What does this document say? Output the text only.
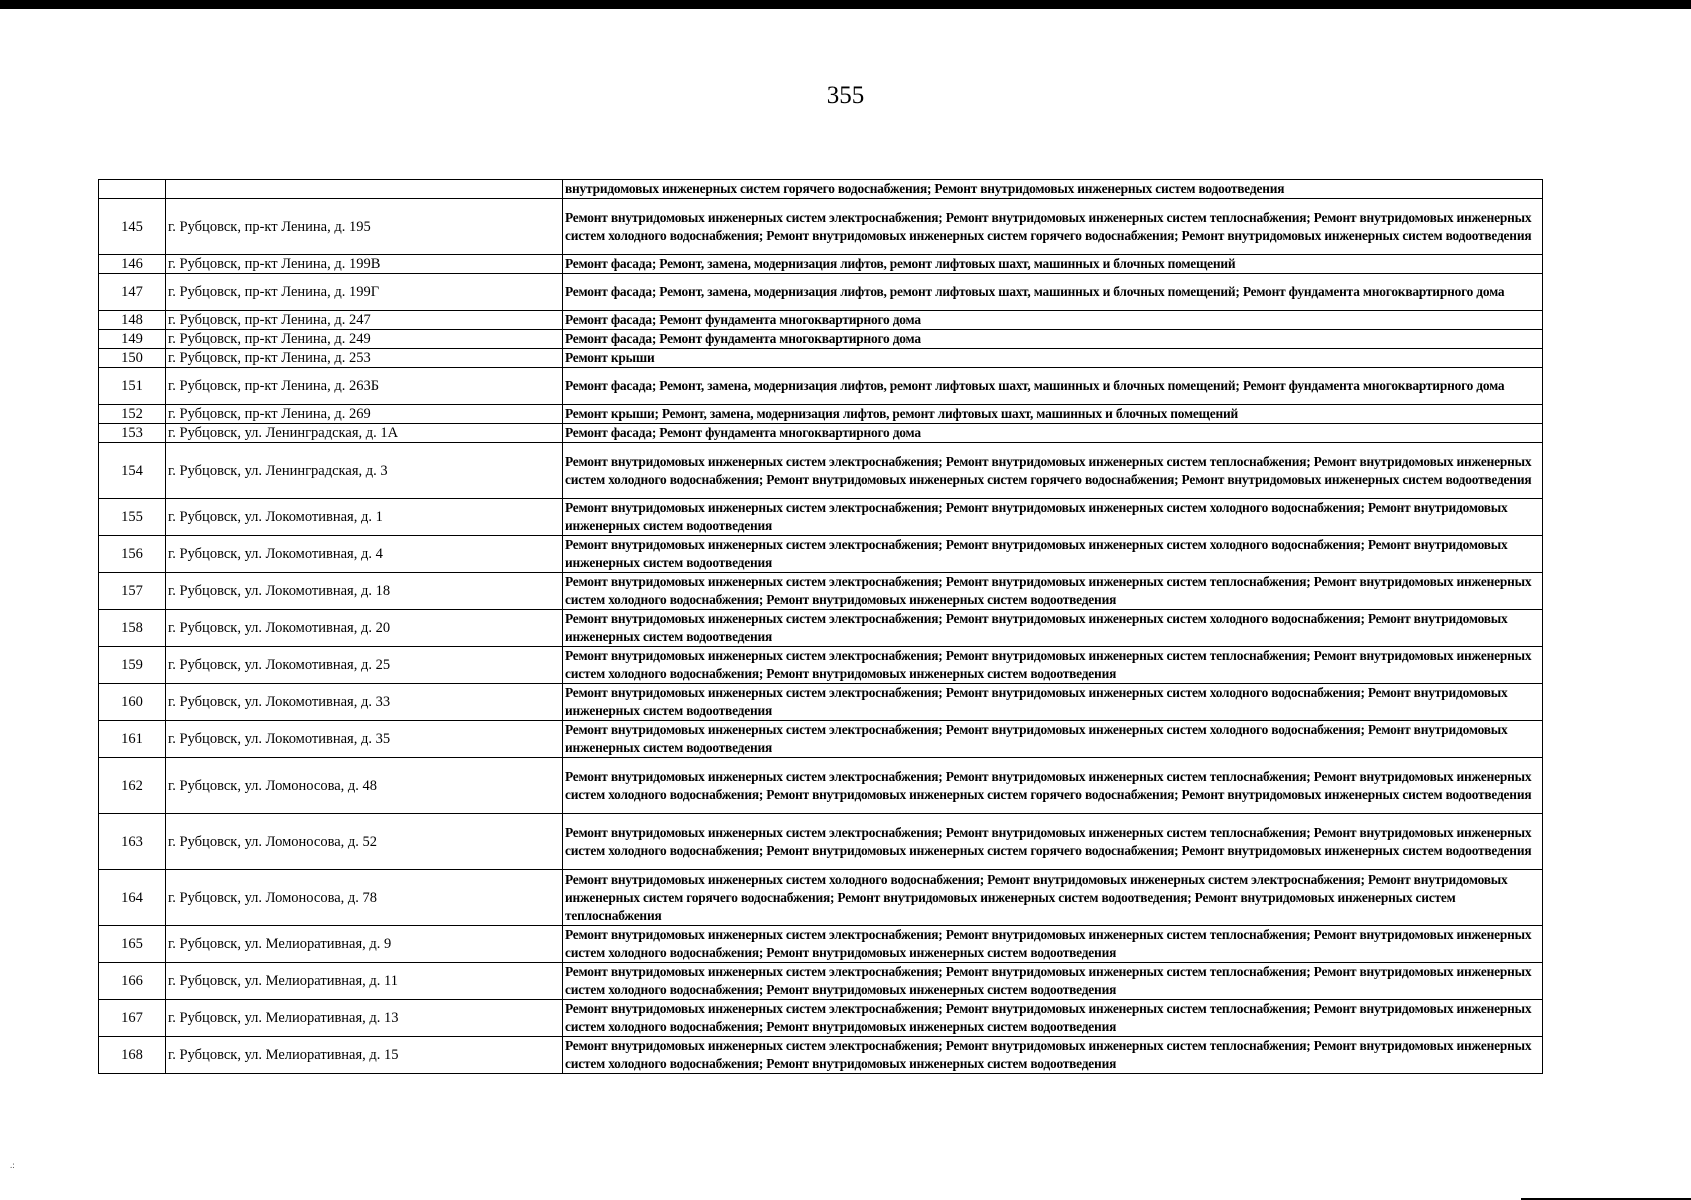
355
		внутридомовых инженерных систем горячего водоснабжения; Ремонт внутридомовых инженерных систем водоотведения
145	г. Рубцовск, пр-кт Ленина, д. 195	Ремонт внутридомовых инженерных систем электроснабжения; Ремонт внутридомовых инженерных систем теплоснабжения; Ремонт внутридомовых инженерных систем холодного водоснабжения; Ремонт внутридомовых инженерных систем горячего водоснабжения; Ремонт внутридомовых инженерных систем водоотведения
146	г. Рубцовск, пр-кт Ленина, д. 199В	Ремонт фасада; Ремонт, замена, модернизация лифтов, ремонт лифтовых шахт, машинных и блочных помещений
147	г. Рубцовск, пр-кт Ленина, д. 199Г	Ремонт фасада; Ремонт, замена, модернизация лифтов, ремонт лифтовых шахт, машинных и блочных помещений; Ремонт фундамента многоквартирного дома
148	г. Рубцовск, пр-кт Ленина, д. 247	Ремонт фасада; Ремонт фундамента многоквартирного дома
149	г. Рубцовск, пр-кт Ленина, д. 249	Ремонт фасада; Ремонт фундамента многоквартирного дома
150	г. Рубцовск, пр-кт Ленина, д. 253	Ремонт крыши
151	г. Рубцовск, пр-кт Ленина, д. 263Б	Ремонт фасада; Ремонт, замена, модернизация лифтов, ремонт лифтовых шахт, машинных и блочных помещений; Ремонт фундамента многоквартирного дома
152	г. Рубцовск, пр-кт Ленина, д. 269	Ремонт крыши; Ремонт, замена, модернизация лифтов, ремонт лифтовых шахт, машинных и блочных помещений
153	г. Рубцовск, ул. Ленинградская, д. 1А	Ремонт фасада; Ремонт фундамента многоквартирного дома
154	г. Рубцовск, ул. Ленинградская, д. 3	Ремонт внутридомовых инженерных систем электроснабжения; Ремонт внутридомовых инженерных систем теплоснабжения; Ремонт внутридомовых инженерных систем холодного водоснабжения; Ремонт внутридомовых инженерных систем горячего водоснабжения; Ремонт внутридомовых инженерных систем водоотведения
155	г. Рубцовск, ул. Локомотивная, д. 1	Ремонт внутридомовых инженерных систем электроснабжения; Ремонт внутридомовых инженерных систем холодного водоснабжения; Ремонт внутридомовых инженерных систем водоотведения
156	г. Рубцовск, ул. Локомотивная, д. 4	Ремонт внутридомовых инженерных систем электроснабжения; Ремонт внутридомовых инженерных систем холодного водоснабжения; Ремонт внутридомовых инженерных систем водоотведения
157	г. Рубцовск, ул. Локомотивная, д. 18	Ремонт внутридомовых инженерных систем электроснабжения; Ремонт внутридомовых инженерных систем теплоснабжения; Ремонт внутридомовых инженерных систем холодного водоснабжения; Ремонт внутридомовых инженерных систем водоотведения
158	г. Рубцовск, ул. Локомотивная, д. 20	Ремонт внутридомовых инженерных систем электроснабжения; Ремонт внутридомовых инженерных систем холодного водоснабжения; Ремонт внутридомовых инженерных систем водоотведения
159	г. Рубцовск, ул. Локомотивная, д. 25	Ремонт внутридомовых инженерных систем электроснабжения; Ремонт внутридомовых инженерных систем теплоснабжения; Ремонт внутридомовых инженерных систем холодного водоснабжения; Ремонт внутридомовых инженерных систем водоотведения
160	г. Рубцовск, ул. Локомотивная, д. 33	Ремонт внутридомовых инженерных систем электроснабжения; Ремонт внутридомовых инженерных систем холодного водоснабжения; Ремонт внутридомовых инженерных систем водоотведения
161	г. Рубцовск, ул. Локомотивная, д. 35	Ремонт внутридомовых инженерных систем электроснабжения; Ремонт внутридомовых инженерных систем холодного водоснабжения; Ремонт внутридомовых инженерных систем водоотведения
162	г. Рубцовск, ул. Ломоносова, д. 48	Ремонт внутридомовых инженерных систем электроснабжения; Ремонт внутридомовых инженерных систем теплоснабжения; Ремонт внутридомовых инженерных систем холодного водоснабжения; Ремонт внутридомовых инженерных систем горячего водоснабжения; Ремонт внутридомовых инженерных систем водоотведения
163	г. Рубцовск, ул. Ломоносова, д. 52	Ремонт внутридомовых инженерных систем электроснабжения; Ремонт внутридомовых инженерных систем теплоснабжения; Ремонт внутридомовых инженерных систем холодного водоснабжения; Ремонт внутридомовых инженерных систем горячего водоснабжения; Ремонт внутридомовых инженерных систем водоотведения
164	г. Рубцовск, ул. Ломоносова, д. 78	Ремонт внутридомовых инженерных систем холодного водоснабжения; Ремонт внутридомовых инженерных систем электроснабжения; Ремонт внутридомовых инженерных систем горячего водоснабжения; Ремонт внутридомовых инженерных систем водоотведения; Ремонт внутридомовых инженерных систем теплоснабжения
165	г. Рубцовск, ул. Мелиоративная, д. 9	Ремонт внутридомовых инженерных систем электроснабжения; Ремонт внутридомовых инженерных систем теплоснабжения; Ремонт внутридомовых инженерных систем холодного водоснабжения; Ремонт внутридомовых инженерных систем водоотведения
166	г. Рубцовск, ул. Мелиоративная, д. 11	Ремонт внутридомовых инженерных систем электроснабжения; Ремонт внутридомовых инженерных систем теплоснабжения; Ремонт внутридомовых инженерных систем холодного водоснабжения; Ремонт внутридомовых инженерных систем водоотведения
167	г. Рубцовск, ул. Мелиоративная, д. 13	Ремонт внутридомовых инженерных систем электроснабжения; Ремонт внутридомовых инженерных систем теплоснабжения; Ремонт внутридомовых инженерных систем холодного водоснабжения; Ремонт внутридомовых инженерных систем водоотведения
168	г. Рубцовск, ул. Мелиоративная, д. 15	Ремонт внутридомовых инженерных систем электроснабжения; Ремонт внутридомовых инженерных систем теплоснабжения; Ремонт внутридомовых инженерных систем холодного водоснабжения; Ремонт внутридомовых инженерных систем водоотведения
.:
